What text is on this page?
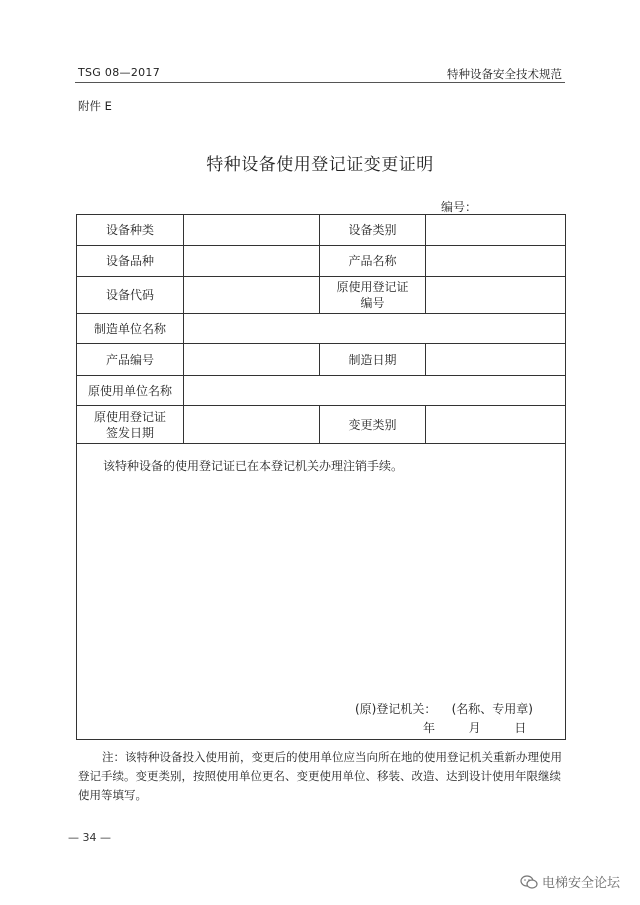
TSG 08—2017	特种设备安全技术规范
附件 E
特种设备使用登记证变更证明
编号：
设备种类		设备类别	
设备品种		产品名称	
设备代码		原使用登记证编号	
制造单位名称			
产品编号		制造日期	
原使用单位名称			
原使用登记证签发日期		变更类别	

该特种设备的使用登记证已在本登记机关办理注销手续。
(原)登记机关：    (名称、专用章)
年 月 日			
注：该特种设备投入使用前，变更后的使用单位应当向所在地的使用登记机关重新办理使用登记手续。变更类别，按照使用单位更名、变更使用单位、移装、改造、达到设计使用年限继续使用等填写。
— 34 —
电梯安全论坛
